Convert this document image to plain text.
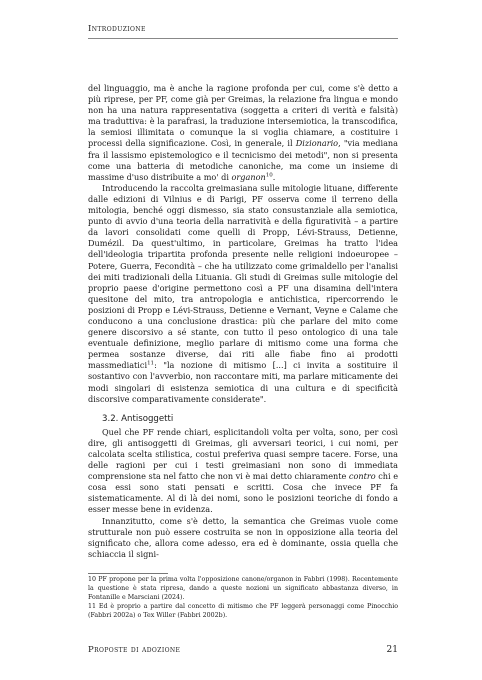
Introduzione

del linguaggio, ma è anche la ragione profonda per cui, come s'è detto a più riprese, per PF, come già per Greimas, la relazione fra lingua e mondo non ha una natura rappresentativa (soggetta a criteri di verità e falsità) ma traduttiva: è la parafrasi, la traduzione intersemiotica, la transcodifica, la semiosi illimitata o comunque la si voglia chiamare, a costituire i processi della significazione. Così, in generale, il Dizionario, "via mediana fra il lassismo epistemologico e il tecnicismo dei metodi", non si presenta come una batteria di metodiche canoniche, ma come un insieme di massime d'uso distribuite a mo' di organon$^{10}$.

Introducendo la raccolta greimasiana sulle mitologie lituane, differente dalle edizioni di Vilnius e di Parigi, PF osserva come il terreno della mitologia, benché oggi dismesso, sia stato consustanziale alla semiotica, punto di avvio d'una teoria della narratività e della figuratività – a partire da lavori consolidati come quelli di Propp, Lévi-Strauss, Detienne, Dumézil. Da quest'ultimo, in particolare, Greimas ha tratto l'idea dell'ideologia tripartita profonda presente nelle religioni indoeuropee – Potere, Guerra, Fecondità – che ha utilizzato come grimaldello per l'analisi dei miti tradizionali della Lituania. Gli studi di Greimas sulle mitologie del proprio paese d'origine permettono così a PF una disamina dell'intera quesitone del mito, tra antropologia e antichistica, ripercorrendo le posizioni di Propp e Lévi-Strauss, Detienne e Vernant, Veyne e Calame che conducono a una conclusione drastica: più che parlare del mito come genere discorsivo a sé stante, con tutto il peso ontologico di una tale eventuale definizione, meglio parlare di mitismo come una forma che permea sostanze diverse, dai riti alle fiabe fino ai prodotti massmediatici$^{11}$: "la nozione di mitismo [...] ci invita a sostituire il sostantivo con l'avverbio, non raccontare miti, ma parlare miticamente dei modi singolari di esistenza semiotica di una cultura e di specificità discorsive comparativamente considerate".

3.2. Antisoggetti

Quel che PF rende chiari, esplicitandoli volta per volta, sono, per così dire, gli antisoggetti di Greimas, gli avversari teorici, i cui nomi, per calcolata scelta stilistica, costui preferiva quasi sempre tacere. Forse, una delle ragioni per cui i testi greimasiani non sono di immediata comprensione sta nel fatto che non vi è mai detto chiaramente contro chi e cosa essi sono stati pensati e scritti. Cosa che invece PF fa sistematicamente. Al di là dei nomi, sono le posizioni teoriche di fondo a esser messe bene in evidenza.

Innanzitutto, come s'è detto, la semantica che Greimas vuole come strutturale non può essere costruita se non in opposizione alla teoria del significato che, allora come adesso, era ed è dominante, ossia quella che schiaccia il signi-

10 PF propone per la prima volta l'opposizione canone/organon in Fabbri (1998). Recentemente la questione è stata ripresa, dando a queste nozioni un significato abbastanza diverso, in Fontanille e Marsciani (2024).

11 Ed è proprio a partire dal concetto di mitismo che PF leggerà personaggi come Pinocchio (Fabbri 2002a) o Tex Willer (Fabbri 2002b).

Proposte di adozione	21
